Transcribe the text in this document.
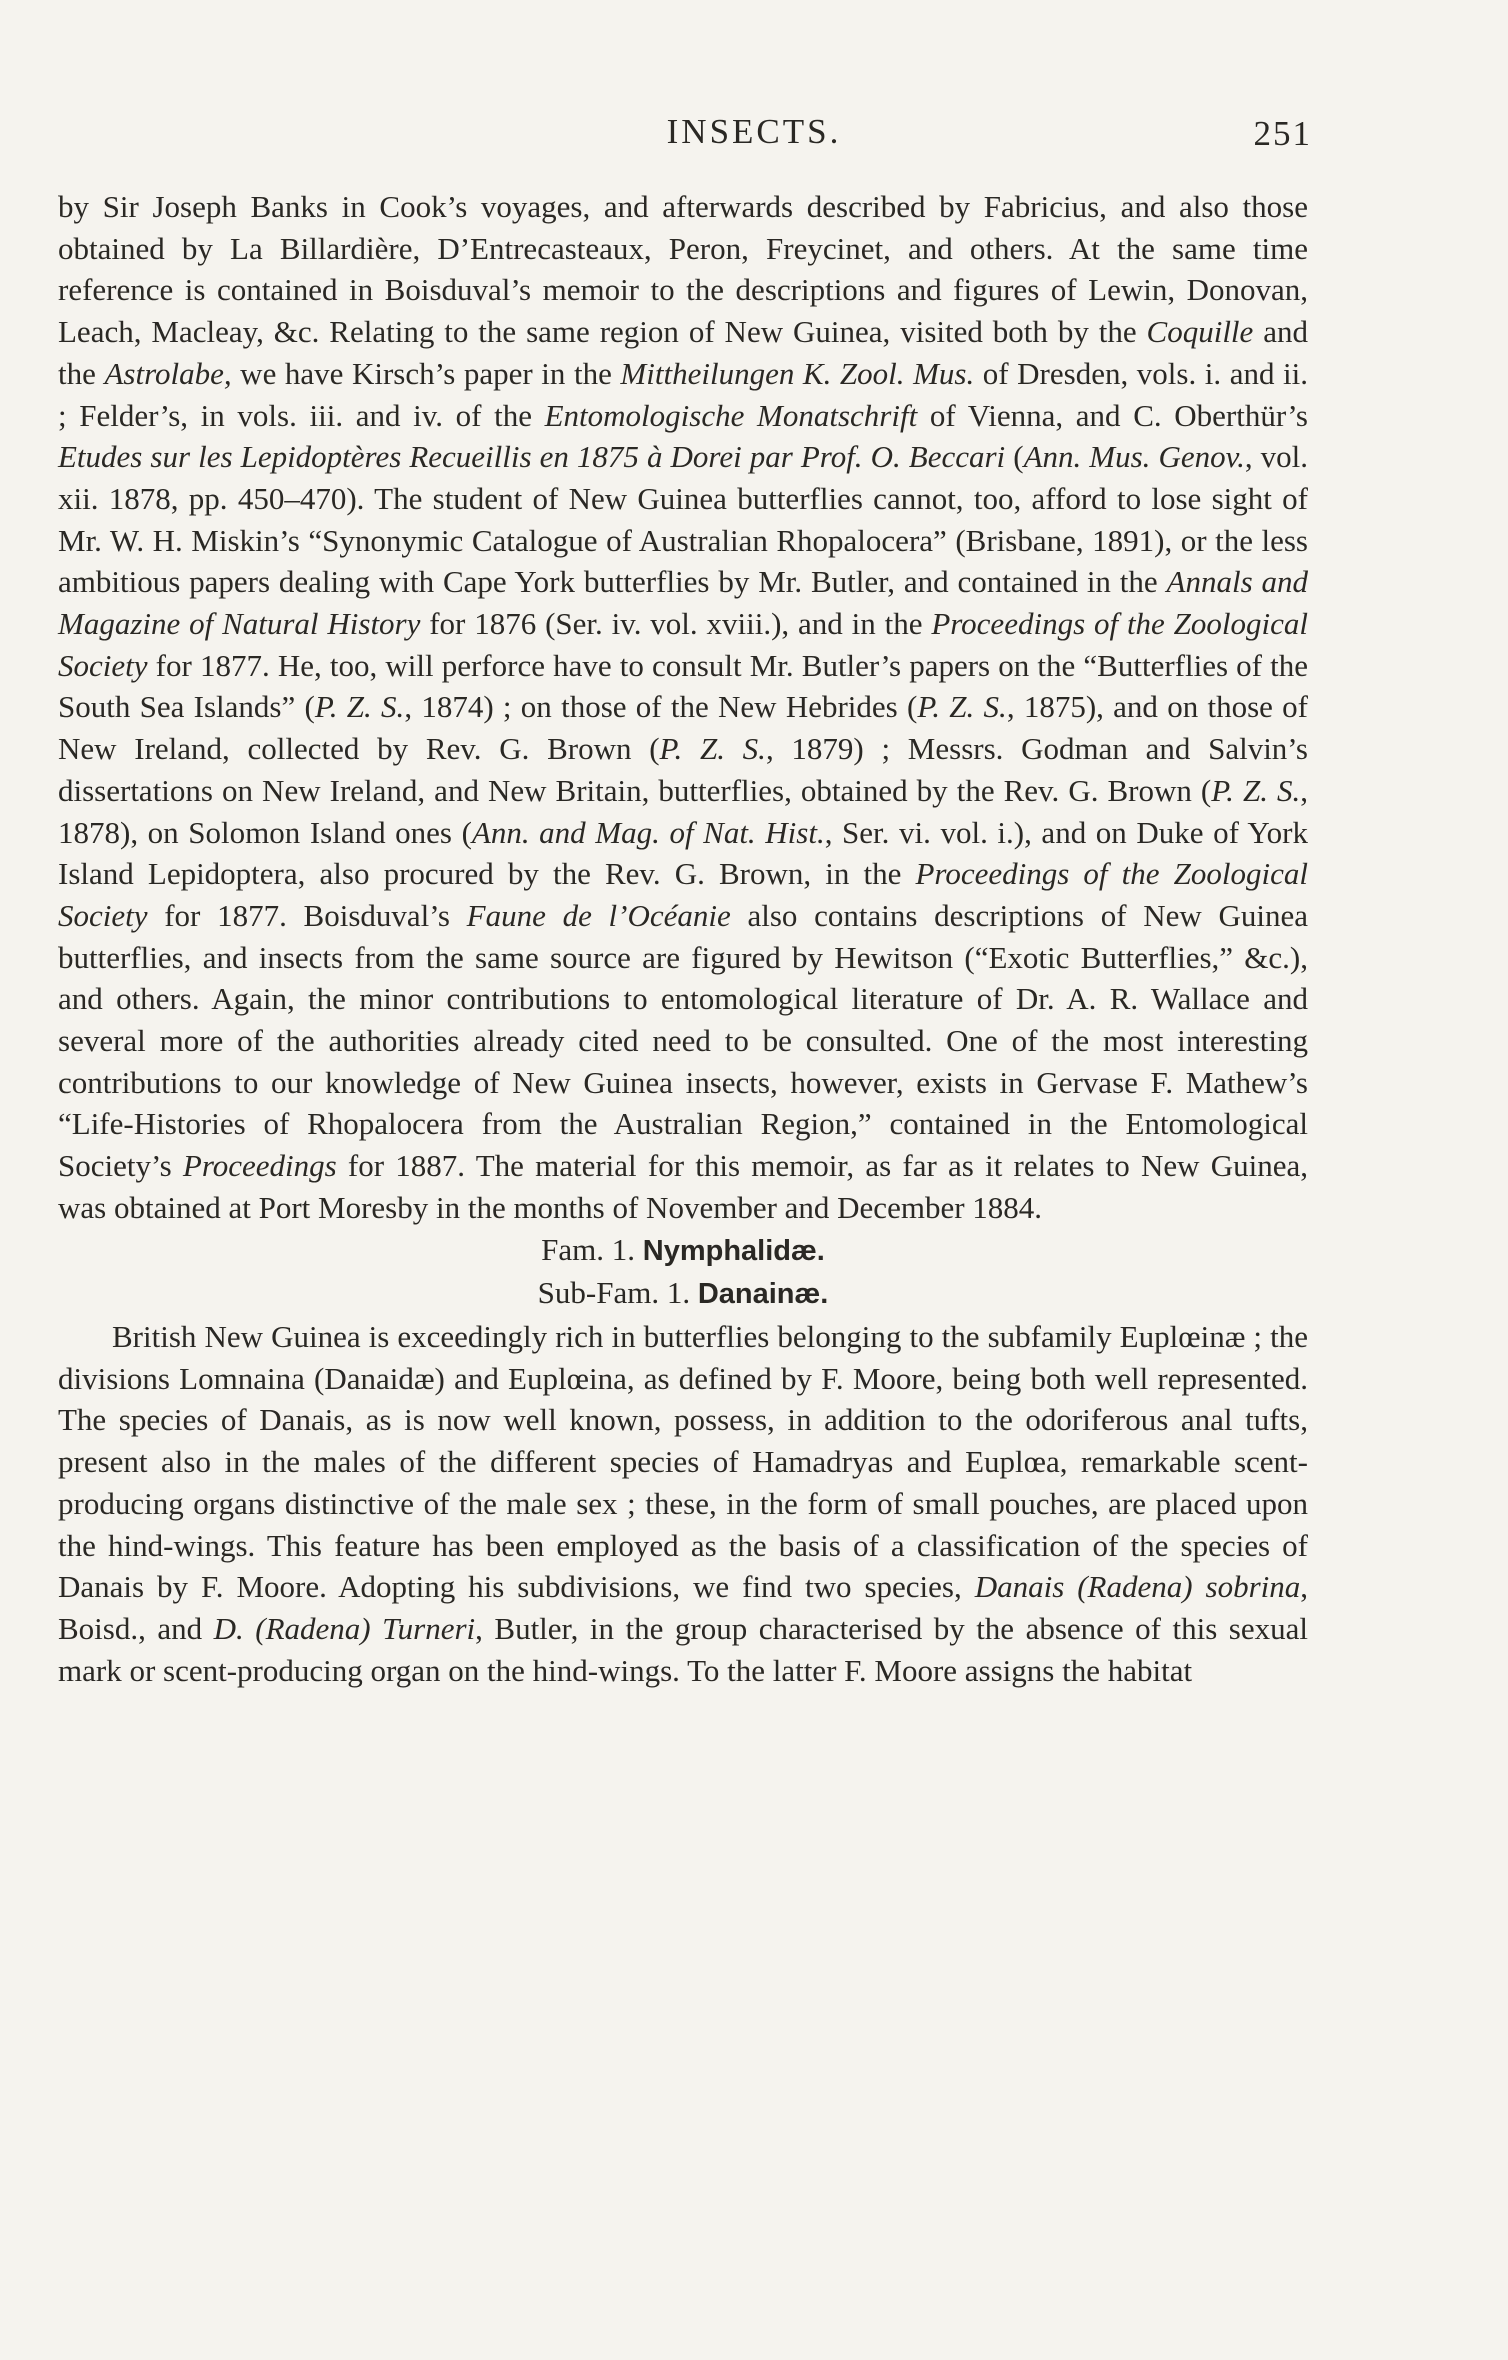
INSECTS.	251

by Sir Joseph Banks in Cook’s voyages, and afterwards described by Fabricius, and also those obtained by La Billardière, D’Entrecasteaux, Peron, Freycinet, and others. At the same time reference is contained in Boisduval’s memoir to the descriptions and figures of Lewin, Donovan, Leach, Macleay, &c. Relating to the same region of New Guinea, visited both by the Coquille and the Astrolabe, we have Kirsch’s paper in the Mittheilungen K. Zool. Mus. of Dresden, vols. i. and ii. ; Felder’s, in vols. iii. and iv. of the Entomologische Monatschrift of Vienna, and C. Oberthür’s Etudes sur les Lepidoptères Recueillis en 1875 à Dorei par Prof. O. Beccari (Ann. Mus. Genov., vol. xii. 1878, pp. 450–470). The student of New Guinea butterflies cannot, too, afford to lose sight of Mr. W. H. Miskin’s “Synonymic Catalogue of Australian Rhopalocera” (Brisbane, 1891), or the less ambitious papers dealing with Cape York butterflies by Mr. Butler, and contained in the Annals and Magazine of Natural History for 1876 (Ser. iv. vol. xviii.), and in the Proceedings of the Zoological Society for 1877. He, too, will perforce have to consult Mr. Butler’s papers on the “Butterflies of the South Sea Islands” (P. Z. S., 1874) ; on those of the New Hebrides (P. Z. S., 1875), and on those of New Ireland, collected by Rev. G. Brown (P. Z. S., 1879) ; Messrs. Godman and Salvin’s dissertations on New Ireland, and New Britain, butterflies, obtained by the Rev. G. Brown (P. Z. S., 1878), on Solomon Island ones (Ann. and Mag. of Nat. Hist., Ser. vi. vol. i.), and on Duke of York Island Lepidoptera, also procured by the Rev. G. Brown, in the Proceedings of the Zoological Society for 1877. Boisduval’s Faune de l’Océanie also contains descriptions of New Guinea butterflies, and insects from the same source are figured by Hewitson (“Exotic Butterflies,” &c.), and others. Again, the minor contributions to entomological literature of Dr. A. R. Wallace and several more of the authorities already cited need to be consulted. One of the most interesting contributions to our knowledge of New Guinea insects, however, exists in Gervase F. Mathew’s “Life-Histories of Rhopalocera from the Australian Region,” contained in the Entomological Society’s Proceedings for 1887. The material for this memoir, as far as it relates to New Guinea, was obtained at Port Moresby in the months of November and December 1884.

Fam. 1. Nymphalidæ.

Sub-Fam. 1. Danainæ.

British New Guinea is exceedingly rich in butterflies belonging to the subfamily Euplœinæ ; the divisions Lomnaina (Danaidæ) and Euplœina, as defined by F. Moore, being both well represented. The species of Danais, as is now well known, possess, in addition to the odoriferous anal tufts, present also in the males of the different species of Hamadryas and Euplœa, remarkable scent-producing organs distinctive of the male sex ; these, in the form of small pouches, are placed upon the hind-wings. This feature has been employed as the basis of a classification of the species of Danais by F. Moore. Adopting his subdivisions, we find two species, Danais (Radena) sobrina, Boisd., and D. (Radena) Turneri, Butler, in the group characterised by the absence of this sexual mark or scent-producing organ on the hind-wings. To the latter F. Moore assigns the habitat
